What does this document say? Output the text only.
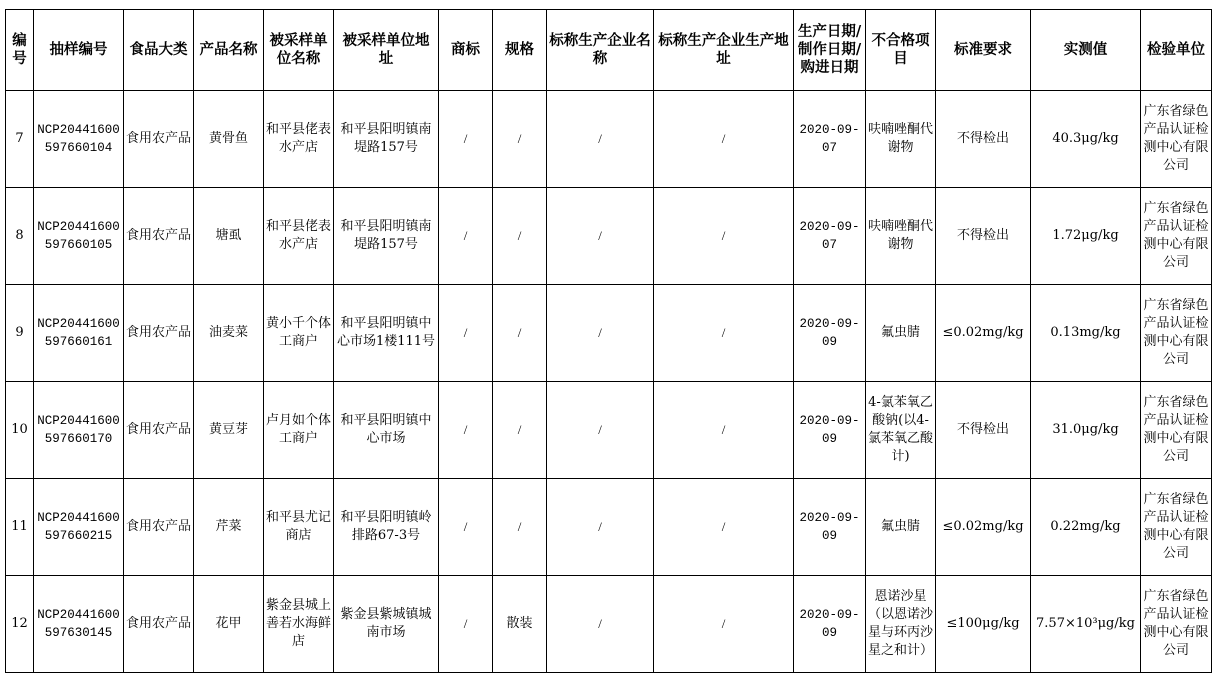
编号	抽样编号	食品大类	产品名称	被采样单位名称	被采样单位地址	商标	规格	标称生产企业名称	标称生产企业生产地址	生产日期/制作日期/购进日期	不合格项目	标准要求	实测值	检验单位
7	NCP20441600597660104	食用农产品	黄骨鱼	和平县佬表水产店	和平县阳明镇南堤路157号	/	/	/	/	2020-09-07	呋喃唑酮代谢物	不得检出	40.3μg/kg	广东省绿色产品认证检测中心有限公司
8	NCP20441600597660105	食用农产品	塘虱	和平县佬表水产店	和平县阳明镇南堤路157号	/	/	/	/	2020-09-07	呋喃唑酮代谢物	不得检出	1.72μg/kg	广东省绿色产品认证检测中心有限公司
9	NCP20441600597660161	食用农产品	油麦菜	黄小千个体工商户	和平县阳明镇中心市场1楼111号	/	/	/	/	2020-09-09	氟虫腈	≤0.02mg/kg	0.13mg/kg	广东省绿色产品认证检测中心有限公司
10	NCP20441600597660170	食用农产品	黄豆芽	卢月如个体工商户	和平县阳明镇中心市场	/	/	/	/	2020-09-09	4-氯苯氧乙酸钠(以4-氯苯氧乙酸计)	不得检出	31.0μg/kg	广东省绿色产品认证检测中心有限公司
11	NCP20441600597660215	食用农产品	芹菜	和平县尤记商店	和平县阳明镇岭排路67-3号	/	/	/	/	2020-09-09	氟虫腈	≤0.02mg/kg	0.22mg/kg	广东省绿色产品认证检测中心有限公司
12	NCP20441600597630145	食用农产品	花甲	紫金县城上善若水海鲜店	紫金县紫城镇城南市场	/	散装	/	/	2020-09-09	恩诺沙星（以恩诺沙星与环丙沙星之和计）	≤100μg/kg	7.57×10³μg/kg	广东省绿色产品认证检测中心有限公司
